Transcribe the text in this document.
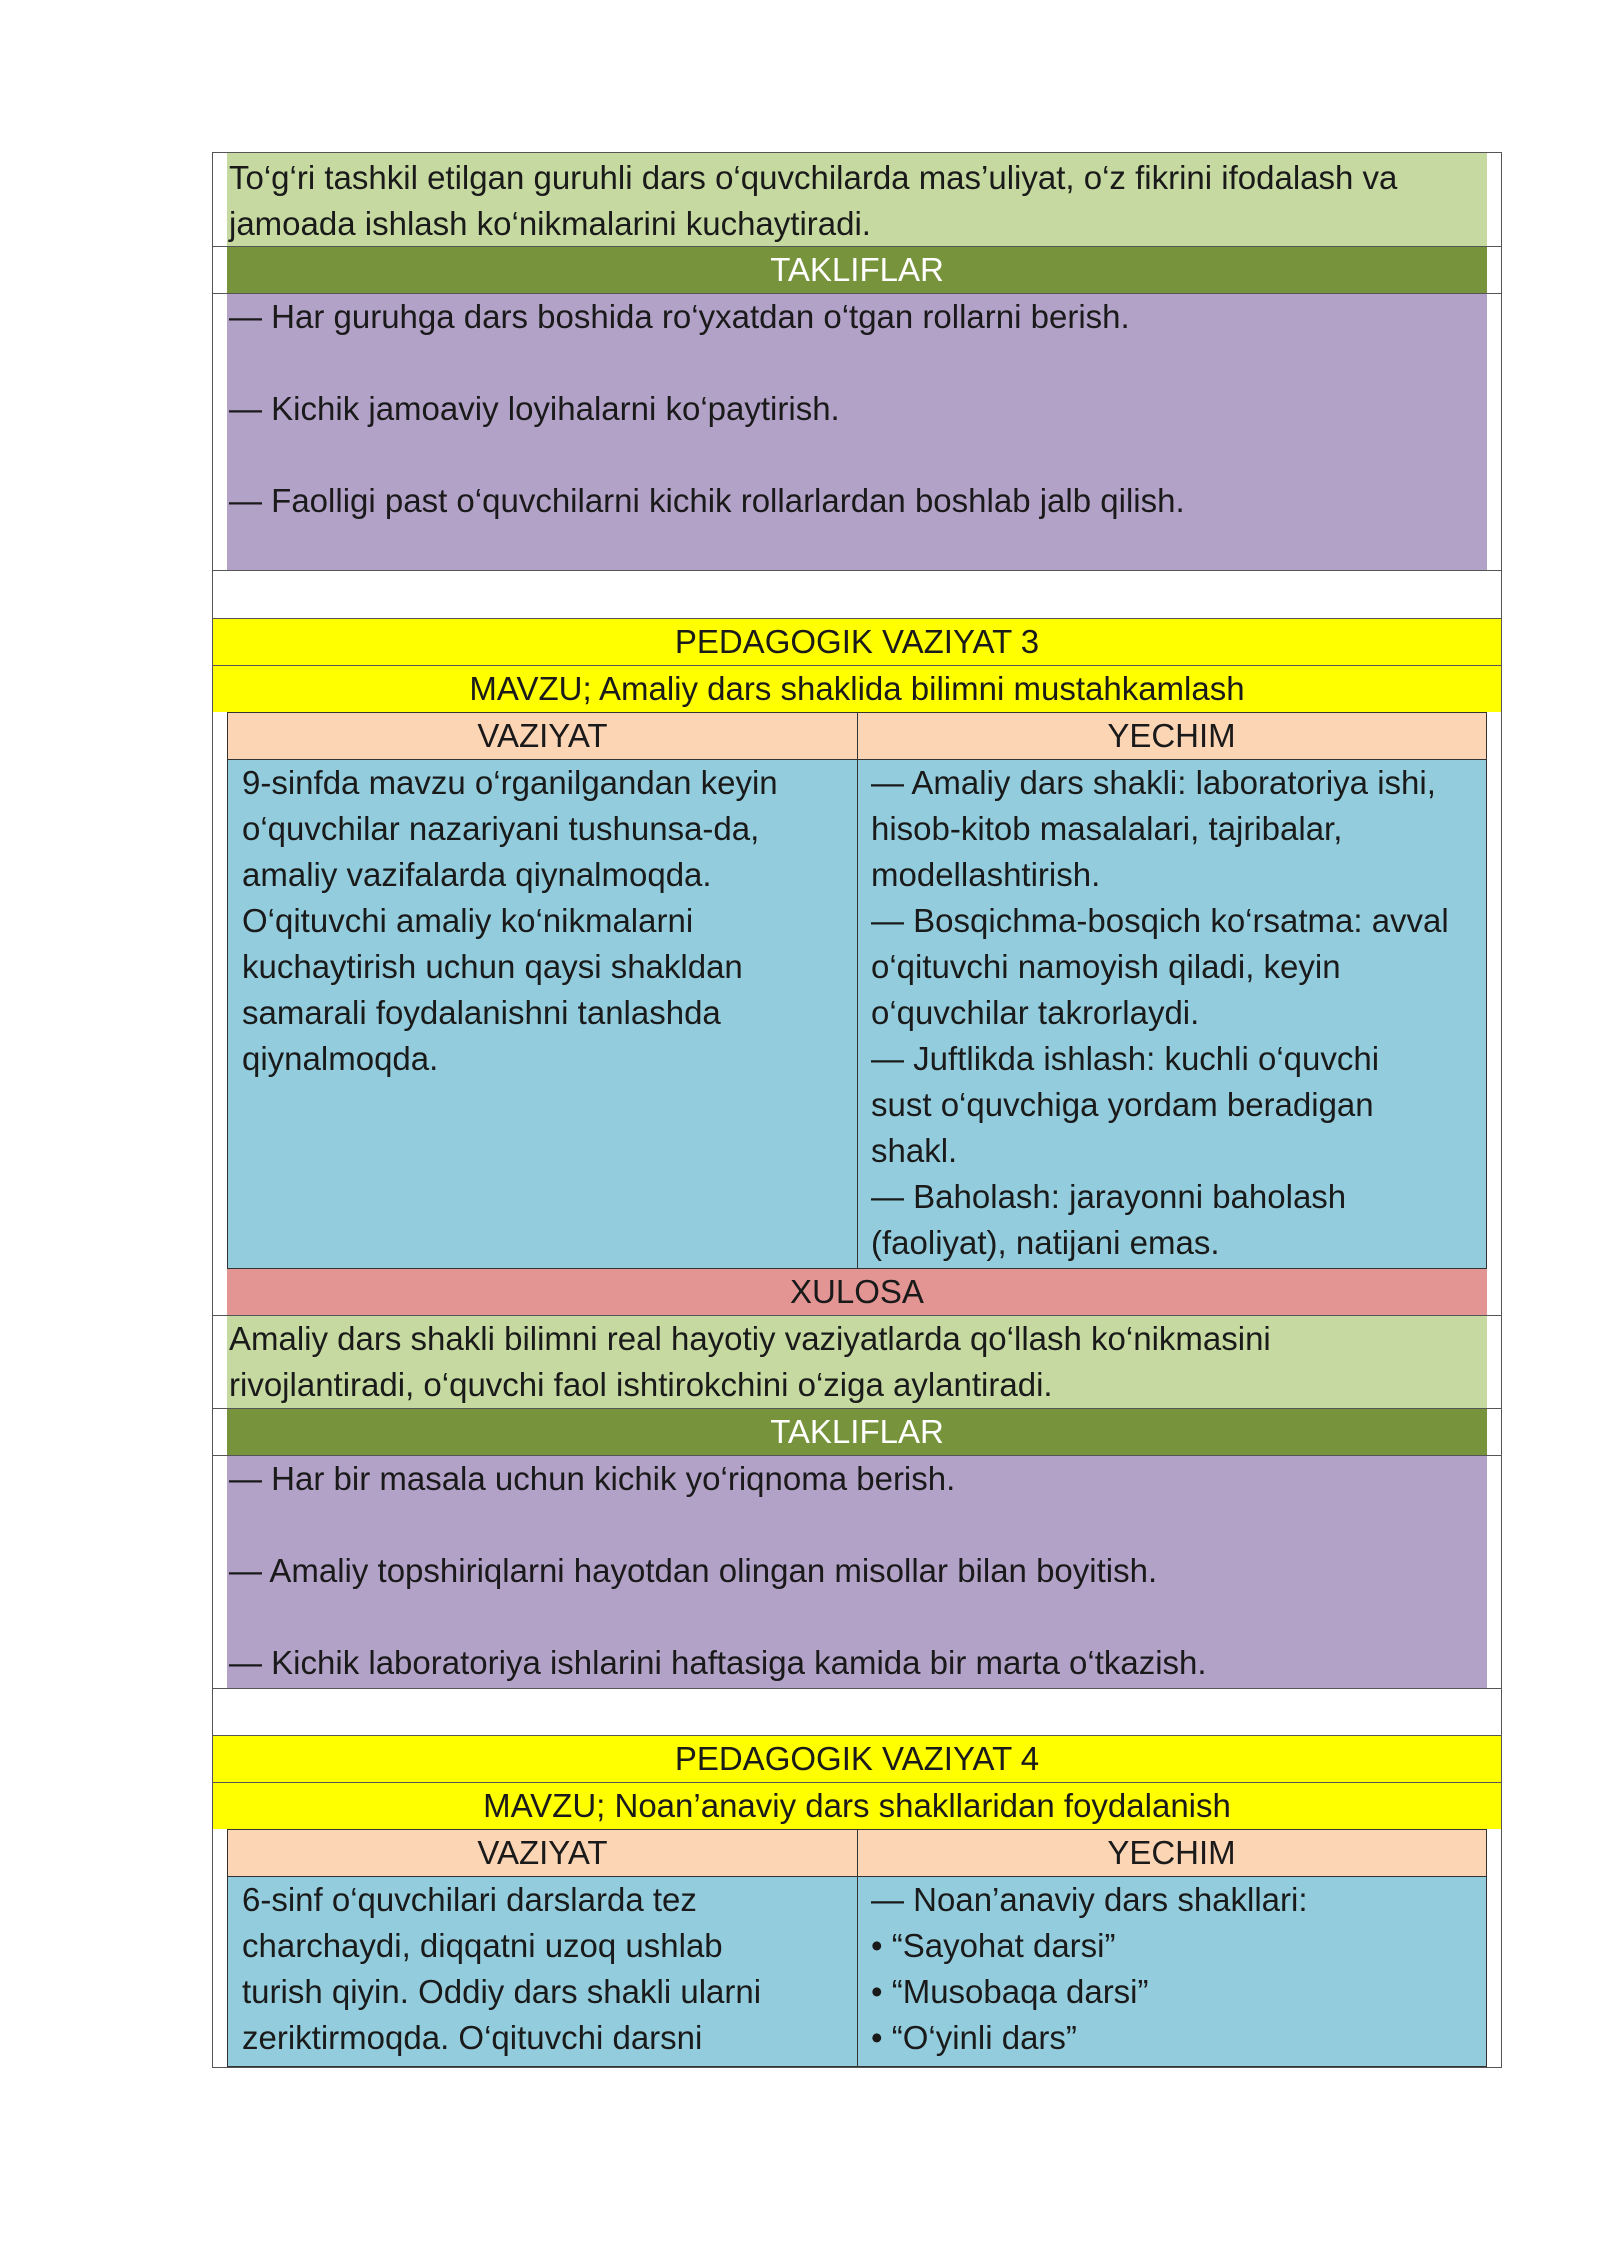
To‘g‘ri tashkil etilgan guruhli dars o‘quvchilarda mas’uliyat, o‘z fikrini ifodalash va
jamoada ishlash ko‘nikmalarini kuchaytiradi.
TAKLIFLAR
— Har guruhga dars boshida ro‘yxatdan o‘tgan rollarni berish.
— Kichik jamoaviy loyihalarni ko‘paytirish.
— Faolligi past o‘quvchilarni kichik rollarlardan boshlab jalb qilish.
PEDAGOGIK VAZIYAT 3
MAVZU; Amaliy dars shaklida bilimni mustahkamlash
VAZIYAT	YECHIM
9-sinfda mavzu o‘rganilgandan keyin
o‘quvchilar nazariyani tushunsa-da,
amaliy vazifalarda qiynalmoqda.
O‘qituvchi amaliy ko‘nikmalarni
kuchaytirish uchun qaysi shakldan
samarali foydalanishni tanlashda
qiynalmoqda.
— Amaliy dars shakli: laboratoriya ishi,
hisob-kitob masalalari, tajribalar,
modellashtirish.
— Bosqichma-bosqich ko‘rsatma: avval
o‘qituvchi namoyish qiladi, keyin
o‘quvchilar takrorlaydi.
— Juftlikda ishlash: kuchli o‘quvchi
sust o‘quvchiga yordam beradigan
shakl.
— Baholash: jarayonni baholash
(faoliyat), natijani emas.
XULOSA
Amaliy dars shakli bilimni real hayotiy vaziyatlarda qo‘llash ko‘nikmasini
rivojlantiradi, o‘quvchi faol ishtirokchini o‘ziga aylantiradi.
TAKLIFLAR
— Har bir masala uchun kichik yo‘riqnoma berish.
— Amaliy topshiriqlarni hayotdan olingan misollar bilan boyitish.
— Kichik laboratoriya ishlarini haftasiga kamida bir marta o‘tkazish.
PEDAGOGIK VAZIYAT 4
MAVZU; Noan’anaviy dars shakllaridan foydalanish
VAZIYAT	YECHIM
6-sinf o‘quvchilari darslarda tez
charchaydi, diqqatni uzoq ushlab
turish qiyin. Oddiy dars shakli ularni
zeriktirmoqda. O‘qituvchi darsni
— Noan’anaviy dars shakllari:
• “Sayohat darsi”
• “Musobaqa darsi”
• “O‘yinli dars”
